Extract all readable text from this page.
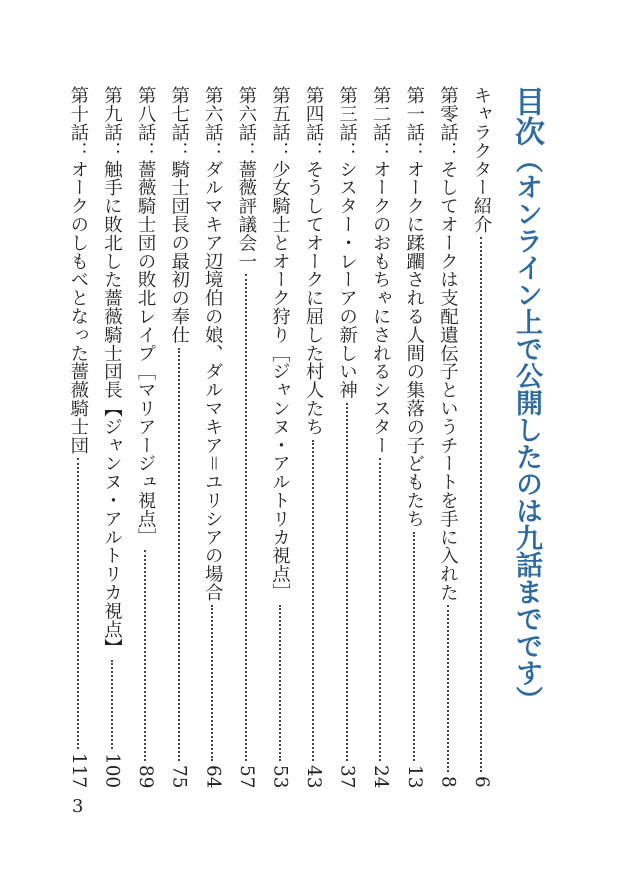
目次（オンライン上で公開したのは九話までです）
キャラクター紹介
6
第零話：そしてオークは支配遺伝子というチートを手に入れた
8
第一話：オークに蹂躙される人間の集落の子どもたち
13
第二話：オークのおもちゃにされるシスター
24
第三話：シスター・レーアの新しい神
37
第四話：そうしてオークに屈した村人たち
43
第五話：少女騎士とオーク狩り［ジャンヌ・アルトリカ視点］
53
第六話：薔薇評議会一
57
第六話：ダルマキア辺境伯の娘、ダルマキア＝ユリシアの場合
64
第七話：騎士団長の最初の奉仕
75
第八話：薔薇騎士団の敗北レイプ［マリアージュ視点］
89
第九話：触手に敗北した薔薇騎士団長【ジャンヌ・アルトリカ視点】
100
第十話：オークのしもべとなった薔薇騎士団
117
3
